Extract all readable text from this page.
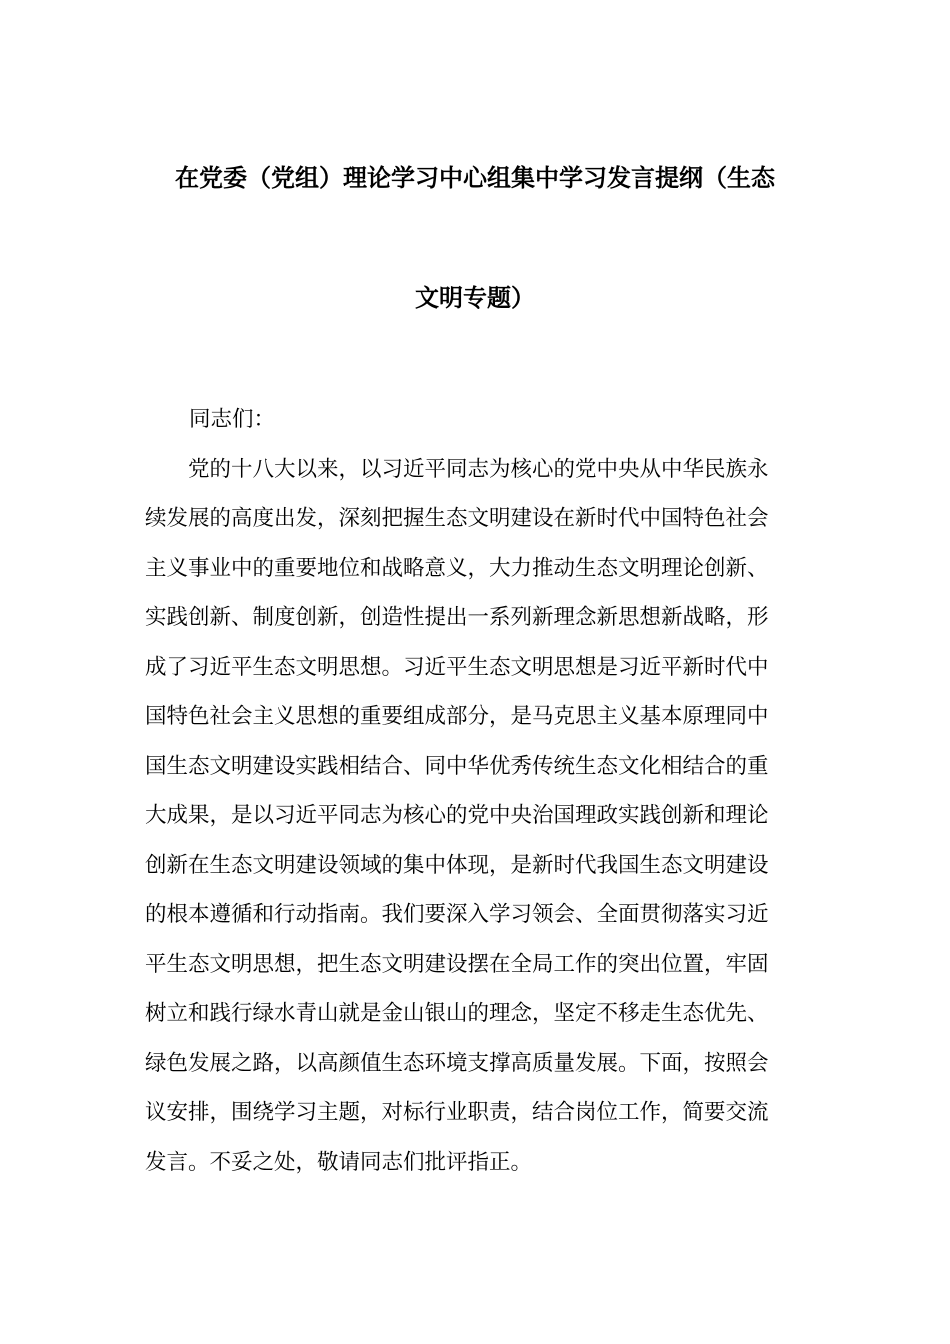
在党委（党组）理论学习中心组集中学习发言提纲（生态
文明专题）
同志们：
党的十八大以来，以习近平同志为核心的党中央从中华民族永
续发展的高度出发，深刻把握生态文明建设在新时代中国特色社会
主义事业中的重要地位和战略意义，大力推动生态文明理论创新、
实践创新、制度创新，创造性提出一系列新理念新思想新战略，形
成了习近平生态文明思想。习近平生态文明思想是习近平新时代中
国特色社会主义思想的重要组成部分，是马克思主义基本原理同中
国生态文明建设实践相结合、同中华优秀传统生态文化相结合的重
大成果，是以习近平同志为核心的党中央治国理政实践创新和理论
创新在生态文明建设领域的集中体现，是新时代我国生态文明建设
的根本遵循和行动指南。我们要深入学习领会、全面贯彻落实习近
平生态文明思想，把生态文明建设摆在全局工作的突出位置，牢固
树立和践行绿水青山就是金山银山的理念，坚定不移走生态优先、
绿色发展之路，以高颜值生态环境支撑高质量发展。下面，按照会
议安排，围绕学习主题，对标行业职责，结合岗位工作，简要交流
发言。不妥之处，敬请同志们批评指正。
